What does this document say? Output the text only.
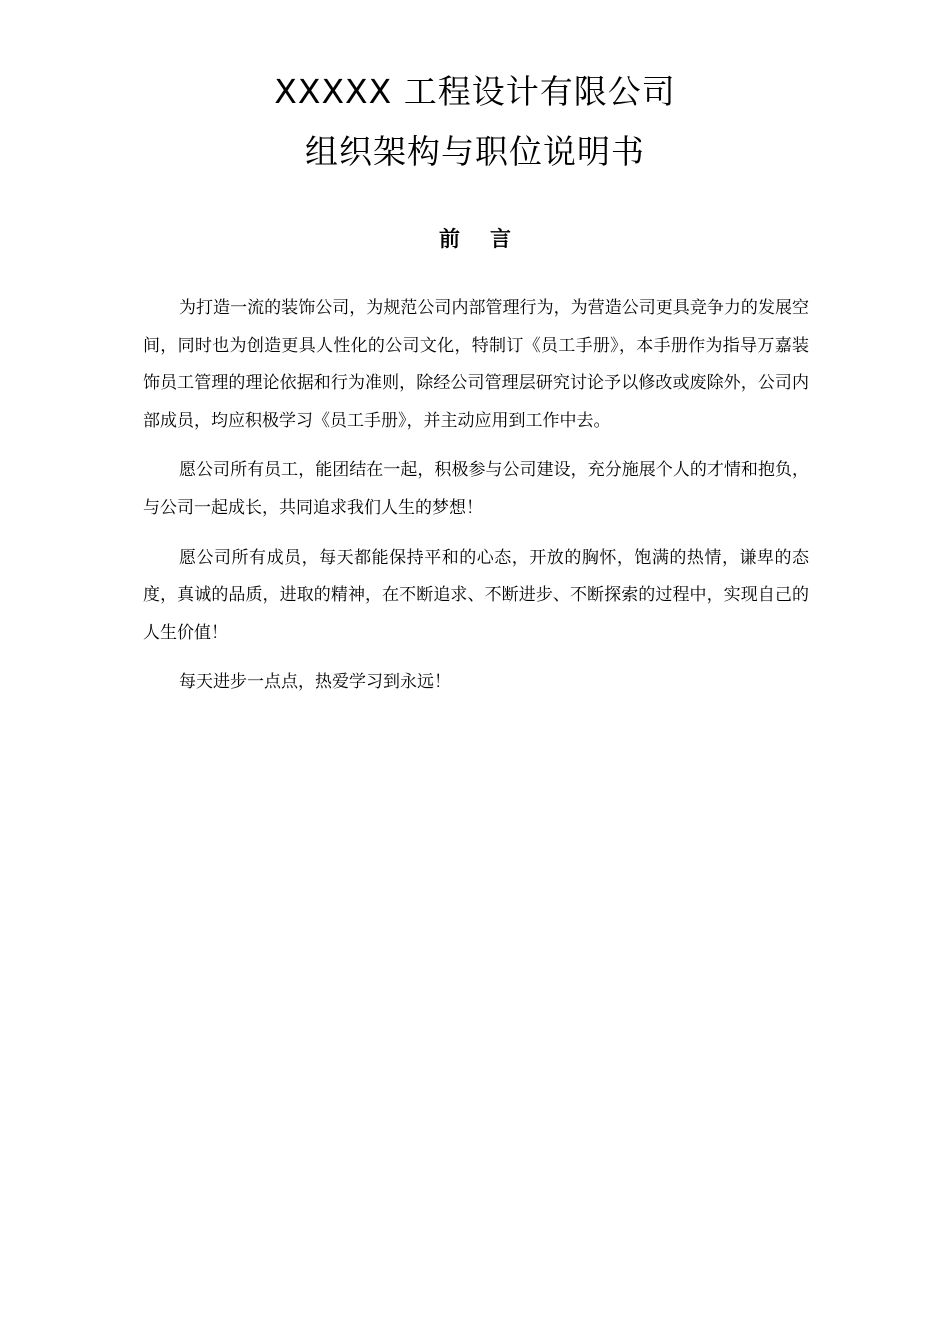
XXXXX 工程设计有限公司
组织架构与职位说明书
前言

为打造一流的装饰公司，为规范公司内部管理行为，为营造公司更具竞争力的发展空间，同时也为创造更具人性化的公司文化，特制订《员工手册》，本手册作为指导万嘉装饰员工管理的理论依据和行为准则，除经公司管理层研究讨论予以修改或废除外，公司内部成员，均应积极学习《员工手册》，并主动应用到工作中去。

愿公司所有员工，能团结在一起，积极参与公司建设，充分施展个人的才情和抱负，与公司一起成长，共同追求我们人生的梦想！

愿公司所有成员，每天都能保持平和的心态，开放的胸怀，饱满的热情，谦卑的态度，真诚的品质，进取的精神，在不断追求、不断进步、不断探索的过程中，实现自己的人生价值！

每天进步一点点，热爱学习到永远！
